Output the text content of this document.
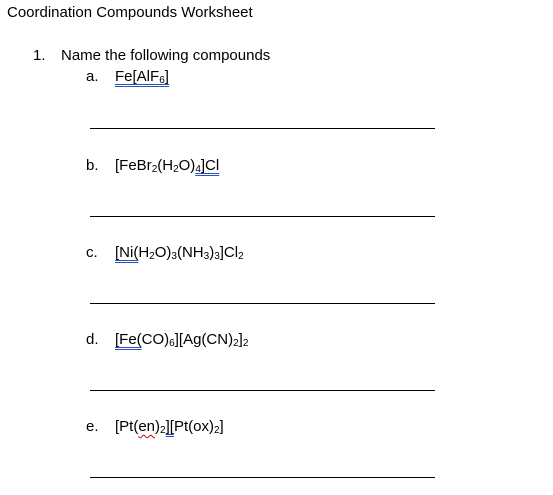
Coordination Compounds Worksheet
1. Name the following compounds
a. Fe[AlF$_6$]
b. $[FeBr_2(H_2O)_4]Cl$
c. $[Ni(H_2O)_3(NH_3)_3]Cl_2$
d. $[Fe(CO)_6][Ag(CN)_2]_2$
e. $[Pt(en)_2][Pt(ox)_2]$
